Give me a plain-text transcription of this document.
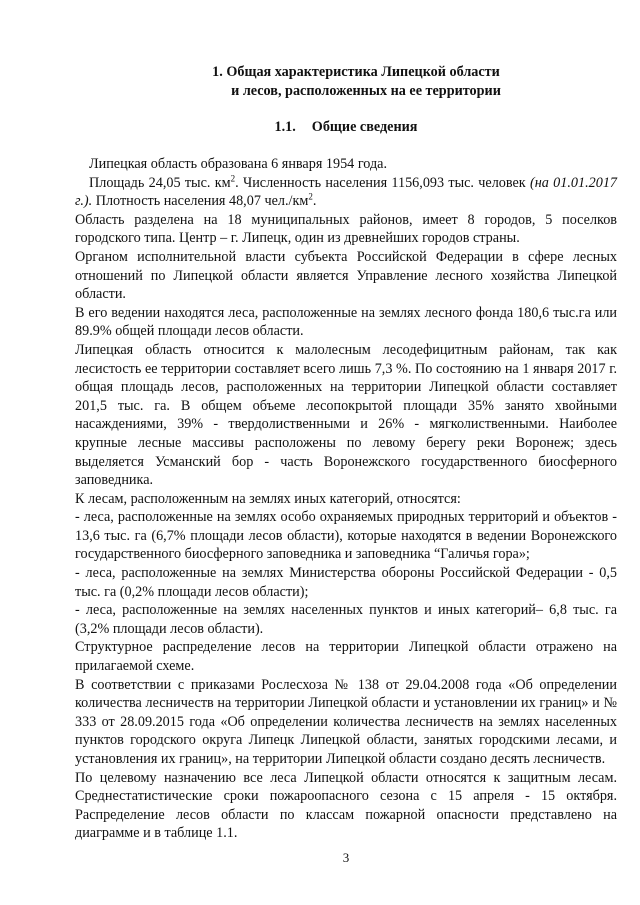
1. Общая характеристика Липецкой области
и лесов, расположенных на ее территории
1.1. Общие сведения

Липецкая область образована 6 января 1954 года.

Площадь 24,05 тыс. $км^2$. Численность населения 1156,093 тыс. человек (на 01.01.2017 г.). Плотность населения 48,07 $чел./км^2$.

Область разделена на 18 муниципальных районов, имеет 8 городов, 5 поселков городского типа. Центр – г. Липецк, один из древнейших городов страны.

Органом исполнительной власти субъекта Российской Федерации в сфере лесных отношений по Липецкой области является Управление лесного хозяйства Липецкой области.

В его ведении находятся леса, расположенные на землях лесного фонда 180,6 тыс.га или 89.9% общей площади лесов области.

Липецкая область относится к малолесным лесодефицитным районам, так как лесистость ее территории составляет всего лишь 7,3 %. По состоянию на 1 января 2017 г. общая площадь лесов, расположенных на территории Липецкой области составляет 201,5 тыс. га. В общем объеме лесопокрытой площади 35% занято хвойными насаждениями, 39% - твердолиственными и 26% - мягколиственными. Наиболее крупные лесные массивы расположены по левому берегу реки Воронеж; здесь выделяется Усманский бор - часть Воронежского государственного биосферного заповедника.

К лесам, расположенным на землях иных категорий, относятся:

- леса, расположенные на землях особо охраняемых природных территорий и объектов - 13,6 тыс. га (6,7% площади лесов области), которые находятся в ведении Воронежского государственного биосферного заповедника и заповедника “Галичья гора»;

- леса, расположенные на землях Министерства обороны Российской Федерации - 0,5 тыс. га (0,2% площади лесов области);

- леса, расположенные на землях населенных пунктов и иных категорий– 6,8 тыс. га (3,2% площади лесов области).

Структурное распределение лесов на территории Липецкой области отражено на прилагаемой схеме.

В соответствии с приказами Рослесхоза № 138 от 29.04.2008 года «Об определении количества лесничеств на территории Липецкой области и установлении их границ» и № 333 от 28.09.2015 года «Об определении количества лесничеств на землях населенных пунктов городского округа Липецк Липецкой области, занятых городскими лесами, и установления их границ», на территории Липецкой области создано десять лесничеств.

По целевому назначению все леса Липецкой области относятся к защитным лесам. Среднестатистические сроки пожароопасного сезона с 15 апреля - 15 октября. Распределение лесов области по классам пожарной опасности представлено на диаграмме и в таблице 1.1.

3
